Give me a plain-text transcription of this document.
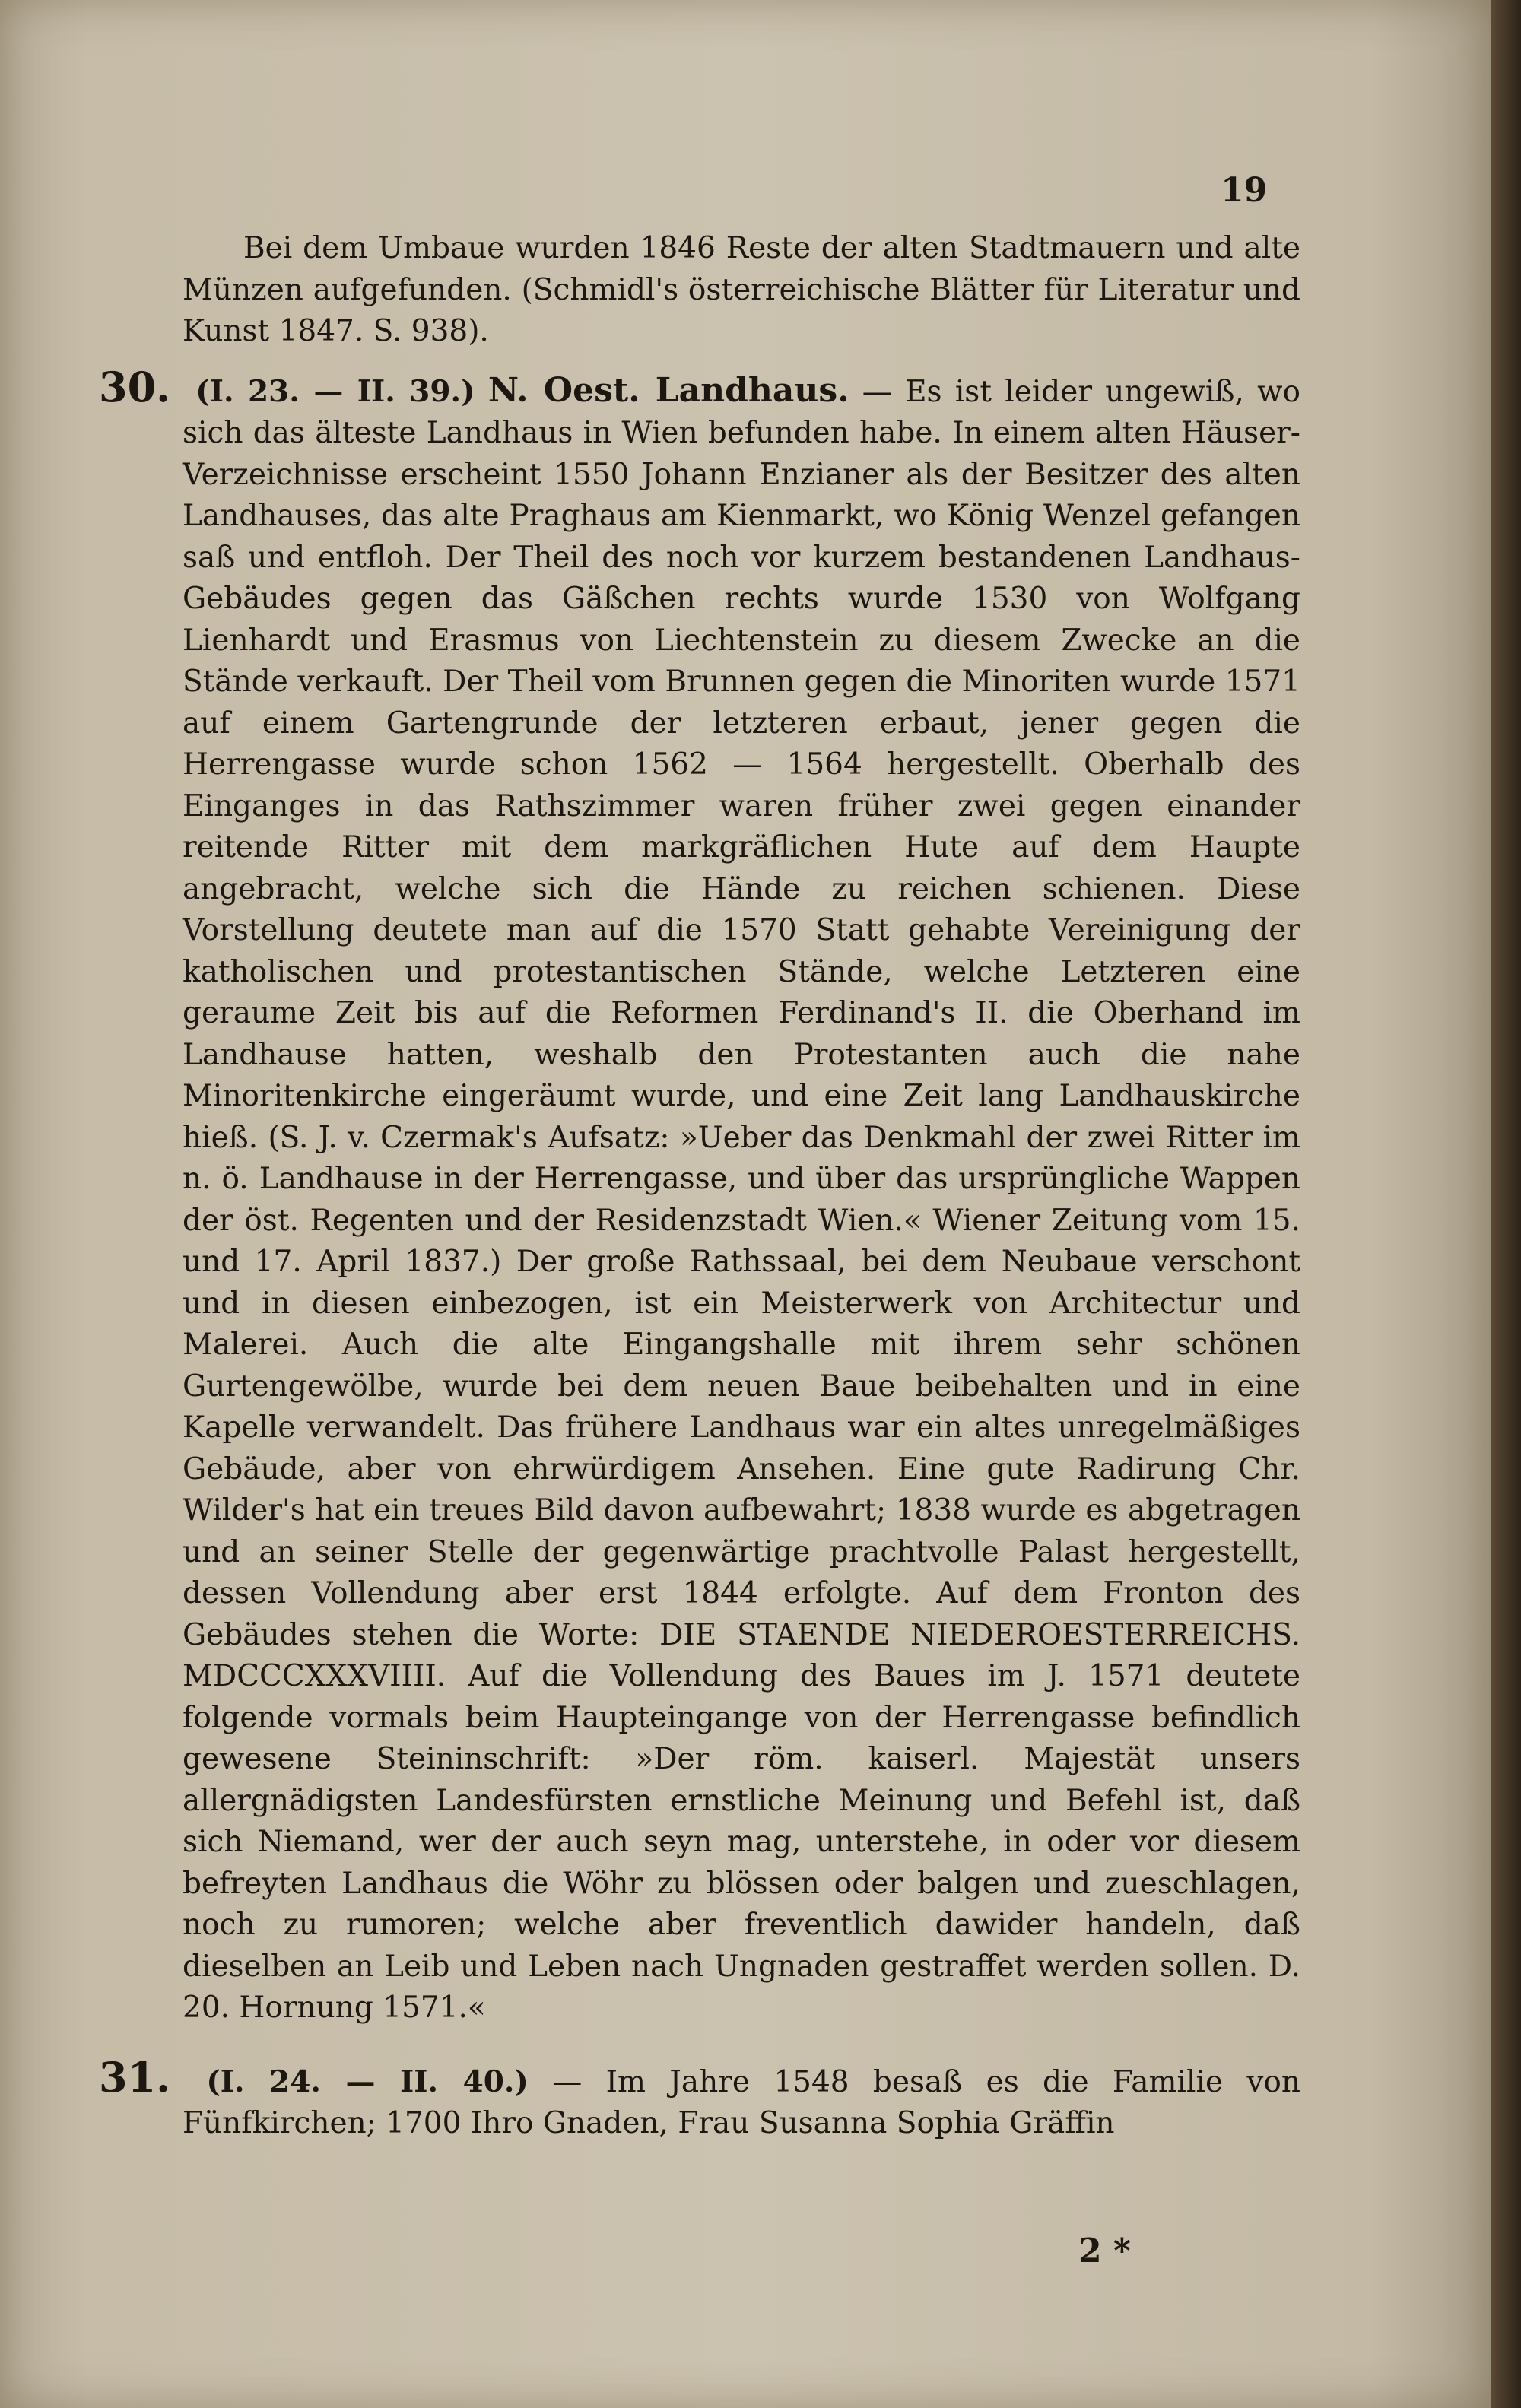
19

Bei dem Umbaue wurden 1846 Reste der alten Stadtmauern und alte Münzen aufgefunden. (Schmidl's österreichische Blätter für Literatur und Kunst 1847. S. 938).

30. (I. 23. — II. 39.) N. Oest. Landhaus. — Es ist leider ungewiß, wo sich das älteste Landhaus in Wien befunden habe. In einem alten Häuser-Verzeichnisse erscheint 1550 Johann Enzianer als der Besitzer des alten Landhauses, das alte Praghaus am Kienmarkt, wo König Wenzel gefangen saß und entfloh. Der Theil des noch vor kurzem bestandenen Landhaus-Gebäudes gegen das Gäßchen rechts wurde 1530 von Wolfgang Lienhardt und Erasmus von Liechtenstein zu diesem Zwecke an die Stände verkauft. Der Theil vom Brunnen gegen die Minoriten wurde 1571 auf einem Gartengrunde der letzteren erbaut, jener gegen die Herrengasse wurde schon 1562 — 1564 hergestellt. Oberhalb des Einganges in das Rathszimmer waren früher zwei gegen einander reitende Ritter mit dem markgräflichen Hute auf dem Haupte angebracht, welche sich die Hände zu reichen schienen. Diese Vorstellung deutete man auf die 1570 Statt gehabte Vereinigung der katholischen und protestantischen Stände, welche Letzteren eine geraume Zeit bis auf die Reformen Ferdinand's II. die Oberhand im Landhause hatten, weshalb den Protestanten auch die nahe Minoritenkirche eingeräumt wurde, und eine Zeit lang Landhauskirche hieß. (S. J. v. Czermak's Aufsatz: »Ueber das Denkmahl der zwei Ritter im n. ö. Landhause in der Herrengasse, und über das ursprüngliche Wappen der öst. Regenten und der Residenzstadt Wien.« Wiener Zeitung vom 15. und 17. April 1837.) Der große Rathssaal, bei dem Neubaue verschont und in diesen einbezogen, ist ein Meisterwerk von Architectur und Malerei. Auch die alte Eingangshalle mit ihrem sehr schönen Gurtengewölbe, wurde bei dem neuen Baue beibehalten und in eine Kapelle verwandelt. Das frühere Landhaus war ein altes unregelmäßiges Gebäude, aber von ehrwürdigem Ansehen. Eine gute Radirung Chr. Wilder's hat ein treues Bild davon aufbewahrt; 1838 wurde es abgetragen und an seiner Stelle der gegenwärtige prachtvolle Palast hergestellt, dessen Vollendung aber erst 1844 erfolgte. Auf dem Fronton des Gebäudes stehen die Worte: DIE STAENDE NIEDEROESTERREICHS. MDCCCXXXVIIII. Auf die Vollendung des Baues im J. 1571 deutete folgende vormals beim Haupteingange von der Herrengasse befindlich gewesene Steininschrift: »Der röm. kaiserl. Majestät unsers allergnädigsten Landesfürsten ernstliche Meinung und Befehl ist, daß sich Niemand, wer der auch seyn mag, unterstehe, in oder vor diesem befreyten Landhaus die Wöhr zu blössen oder balgen und zueschlagen, noch zu rumoren; welche aber freventlich dawider handeln, daß dieselben an Leib und Leben nach Ungnaden gestraffet werden sollen. D. 20. Hornung 1571.«

31. (I. 24. — II. 40.) — Im Jahre 1548 besaß es die Familie von Fünfkirchen; 1700 Ihro Gnaden, Frau Susanna Sophia Gräffin

2 *
